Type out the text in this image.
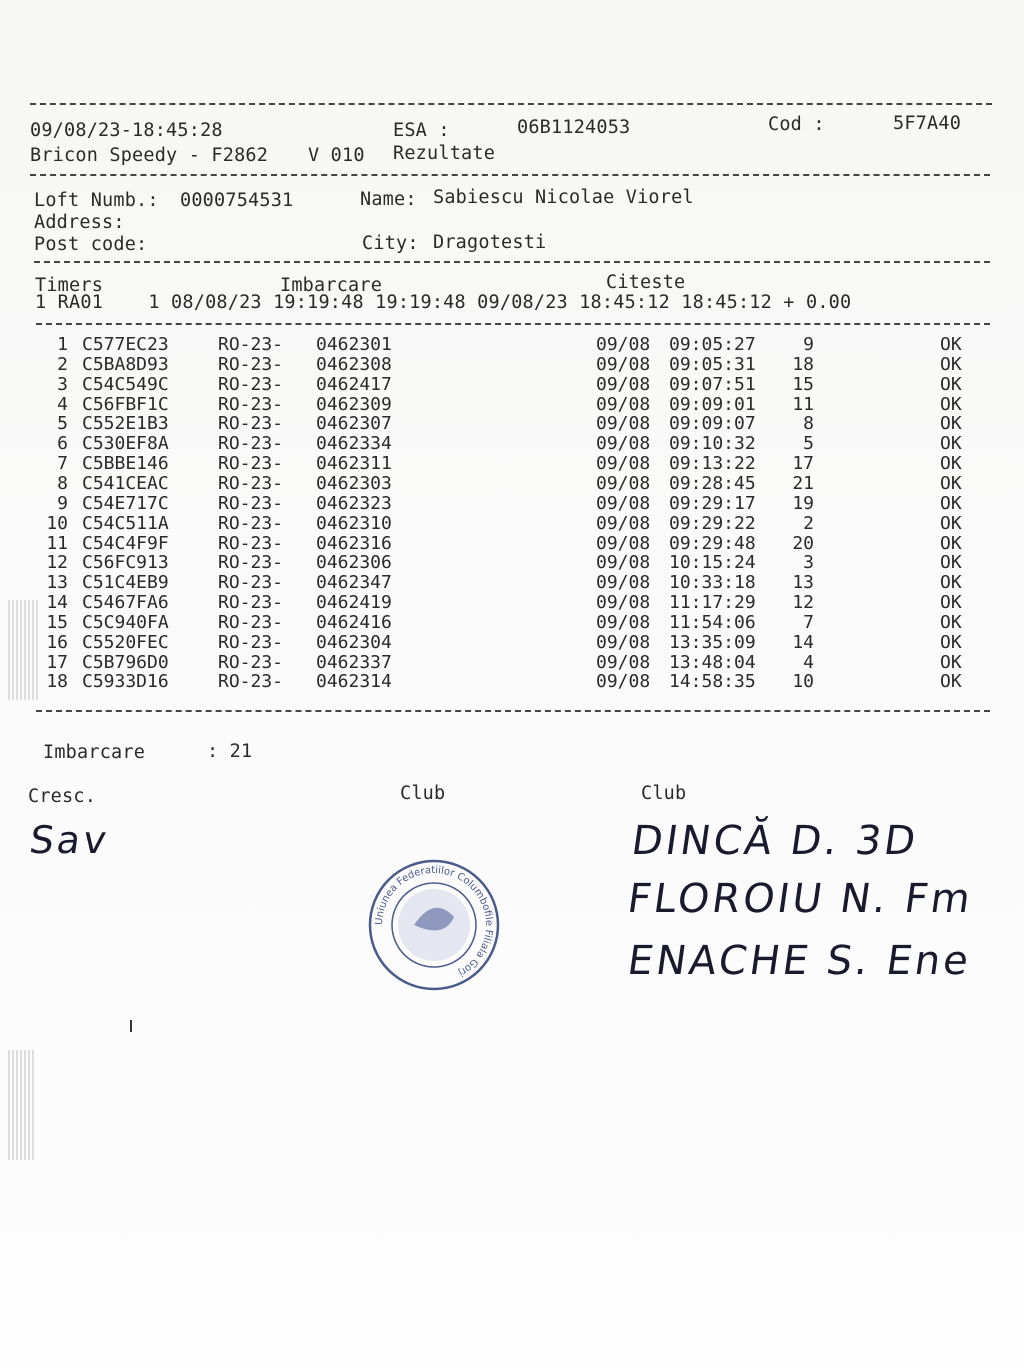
09/08/23-18:45:28	ESA :	06B1124053	Cod :	5F7A40
Bricon Speedy - F2862 V 010 Rezultate
Loft Numb.: 0000754531	Name: Sabiescu Nicolae Viorel
Address:
Post code:	City: Dragotesti
Timers	Imbarcare	Citeste
1 RA01    1 08/08/23 19:19:48 19:19:48 09/08/23 18:45:12 18:45:12 + 0.00
1 C577EC23	RO-23- 0462301	09/08 09:05:27	9	OK
2 C5BA8D93	RO-23- 0462308	09/08 09:05:31	18	OK
3 C54C549C	RO-23- 0462417	09/08 09:07:51	15	OK
4 C56FBF1C	RO-23- 0462309	09/08 09:09:01	11	OK
5 C552E1B3	RO-23- 0462307	09/08 09:09:07	8	OK
6 C530EF8A	RO-23- 0462334	09/08 09:10:32	5	OK
7 C5BBE146	RO-23- 0462311	09/08 09:13:22	17	OK
8 C541CEAC	RO-23- 0462303	09/08 09:28:45	21	OK
9 C54E717C	RO-23- 0462323	09/08 09:29:17	19	OK
10 C54C511A	RO-23- 0462310	09/08 09:29:22	2	OK
11 C54C4F9F	RO-23- 0462316	09/08 09:29:48	20	OK
12 C56FC913	RO-23- 0462306	09/08 10:15:24	3	OK
13 C51C4EB9	RO-23- 0462347	09/08 10:33:18	13	OK
14 C5467FA6	RO-23- 0462419	09/08 11:17:29	12	OK
15 C5C940FA	RO-23- 0462416	09/08 11:54:06	7	OK
16 C5520FEC	RO-23- 0462304	09/08 13:35:09	14	OK
17 C5B796D0	RO-23- 0462337	09/08 13:48:04	4	OK
18 C5933D16	RO-23- 0462314	09/08 14:58:35	10	OK
Imbarcare	: 21
Cresc.	Club	Club
Sav	DINCĂ D. 3D
FLOROIU N. Fm
ENACHE S. Ene
Uniunea Federatiilor Columbofile Filiala Gorj
